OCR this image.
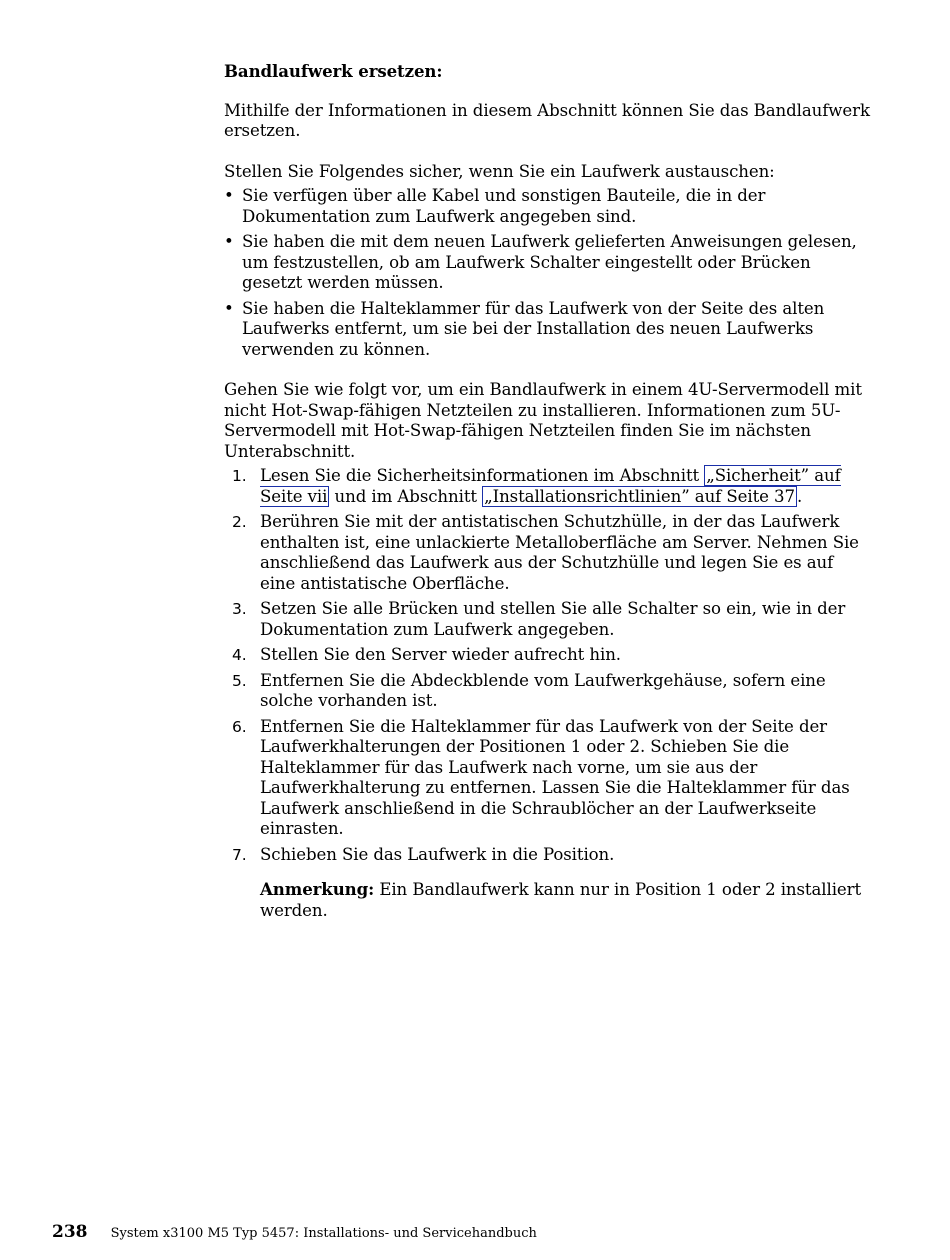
Bandlaufwerk ersetzen:

Mithilfe der Informationen in diesem Abschnitt können Sie das Bandlaufwerk ersetzen.

Stellen Sie Folgendes sicher, wenn Sie ein Laufwerk austauschen:

• Sie verfügen über alle Kabel und sonstigen Bauteile, die in der Dokumentation zum Laufwerk angegeben sind.
• Sie haben die mit dem neuen Laufwerk gelieferten Anweisungen gelesen, um festzustellen, ob am Laufwerk Schalter eingestellt oder Brücken gesetzt werden müssen.
• Sie haben die Halteklammer für das Laufwerk von der Seite des alten Laufwerks entfernt, um sie bei der Installation des neuen Laufwerks verwenden zu können.

Gehen Sie wie folgt vor, um ein Bandlaufwerk in einem 4U-Servermodell mit nicht Hot-Swap-fähigen Netzteilen zu installieren. Informationen zum 5U-Servermodell mit Hot-Swap-fähigen Netzteilen finden Sie im nächsten Unterabschnitt.

1. Lesen Sie die Sicherheitsinformationen im Abschnitt „Sicherheit” auf Seite vii und im Abschnitt „Installationsrichtlinien” auf Seite 37 .
2. Berühren Sie mit der antistatischen Schutzhülle, in der das Laufwerk enthalten ist, eine unlackierte Metalloberfläche am Server. Nehmen Sie anschließend das Laufwerk aus der Schutzhülle und legen Sie es auf eine antistatische Oberfläche.
3. Setzen Sie alle Brücken und stellen Sie alle Schalter so ein, wie in der Dokumentation zum Laufwerk angegeben.
4. Stellen Sie den Server wieder aufrecht hin.
5. Entfernen Sie die Abdeckblende vom Laufwerkgehäuse, sofern eine solche vorhanden ist.
6. Entfernen Sie die Halteklammer für das Laufwerk von der Seite der Laufwerkhalterungen der Positionen 1 oder 2. Schieben Sie die Halteklammer für das Laufwerk nach vorne, um sie aus der Laufwerkhalterung zu entfernen. Lassen Sie die Halteklammer für das Laufwerk anschließend in die Schraublöcher an der Laufwerkseite einrasten.
7. Schieben Sie das Laufwerk in die Position.

Anmerkung: Ein Bandlaufwerk kann nur in Position 1 oder 2 installiert werden.

238 System x3100 M5 Typ 5457: Installations- und Servicehandbuch
